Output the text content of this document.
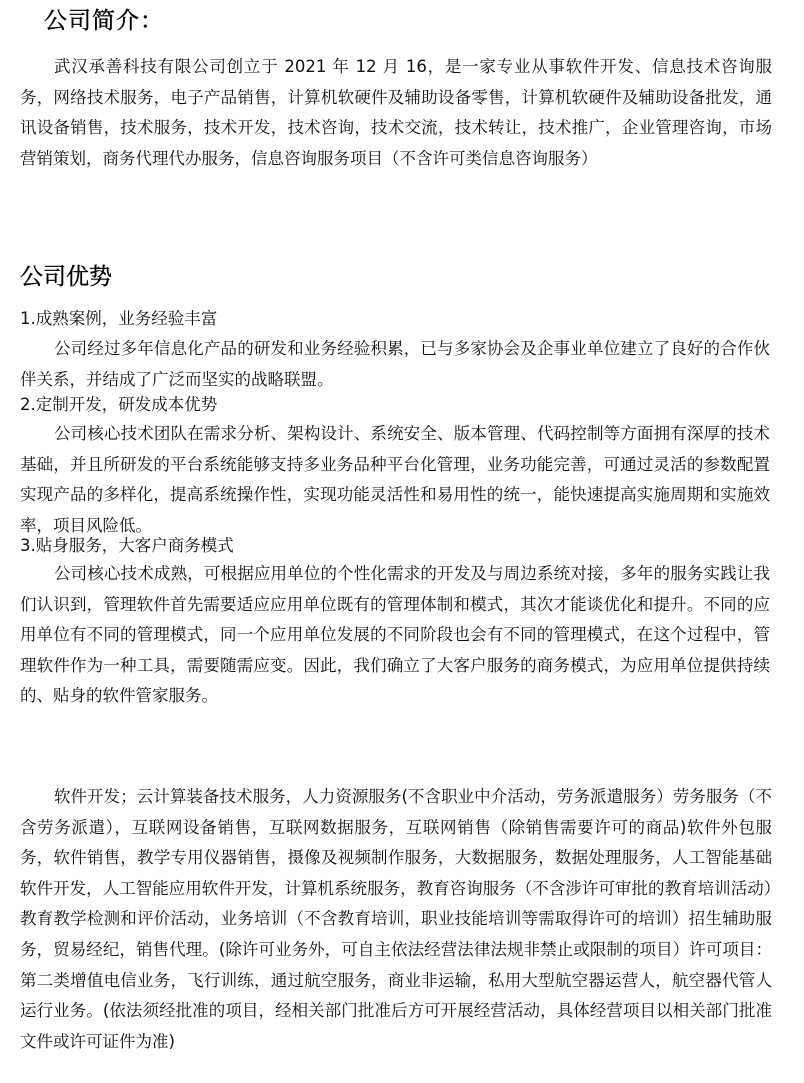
公司简介：

武汉承善科技有限公司创立于 2021 年 12 月 16，是一家专业从事软件开发、信息技术咨询服务，网络技术服务，电子产品销售，计算机软硬件及辅助设备零售，计算机软硬件及辅助设备批发，通讯设备销售，技术服务，技术开发，技术咨询，技术交流，技术转让，技术推广，企业管理咨询，市场营销策划，商务代理代办服务，信息咨询服务项目（不含许可类信息咨询服务）

公司优势

1.成熟案例，业务经验丰富

公司经过多年信息化产品的研发和业务经验积累，已与多家协会及企事业单位建立了良好的合作伙伴关系，并结成了广泛而坚实的战略联盟。

2.定制开发，研发成本优势

公司核心技术团队在需求分析、架构设计、系统安全、版本管理、代码控制等方面拥有深厚的技术基础，并且所研发的平台系统能够支持多业务品种平台化管理，业务功能完善，可通过灵活的参数配置实现产品的多样化，提高系统操作性，实现功能灵活性和易用性的统一，能快速提高实施周期和实施效率，项目风险低。

3.贴身服务，大客户商务模式

公司核心技术成熟，可根据应用单位的个性化需求的开发及与周边系统对接，多年的服务实践让我们认识到，管理软件首先需要适应应用单位既有的管理体制和模式，其次才能谈优化和提升。不同的应用单位有不同的管理模式，同一个应用单位发展的不同阶段也会有不同的管理模式，在这个过程中，管理软件作为一种工具，需要随需应变。因此，我们确立了大客户服务的商务模式，为应用单位提供持续的、贴身的软件管家服务。

软件开发；云计算装备技术服务，人力资源服务(不含职业中介活动，劳务派遣服务）劳务服务（不含劳务派遣），互联网设备销售，互联网数据服务，互联网销售（除销售需要许可的商品)软件外包服务，软件销售，教学专用仪器销售，摄像及视频制作服务，大数据服务，数据处理服务，人工智能基础软件开发，人工智能应用软件开发，计算机系统服务，教育咨询服务（不含涉许可审批的教育培训活动）教育教学检测和评价活动，业务培训（不含教育培训，职业技能培训等需取得许可的培训）招生辅助服务，贸易经纪，销售代理。(除许可业务外，可自主依法经营法律法规非禁止或限制的项目）许可项目：第二类增值电信业务，飞行训练，通过航空服务，商业非运输，私用大型航空器运营人，航空器代管人运行业务。(依法须经批准的项目，经相关部门批准后方可开展经营活动，具体经营项目以相关部门批准文件或许可证件为准)
